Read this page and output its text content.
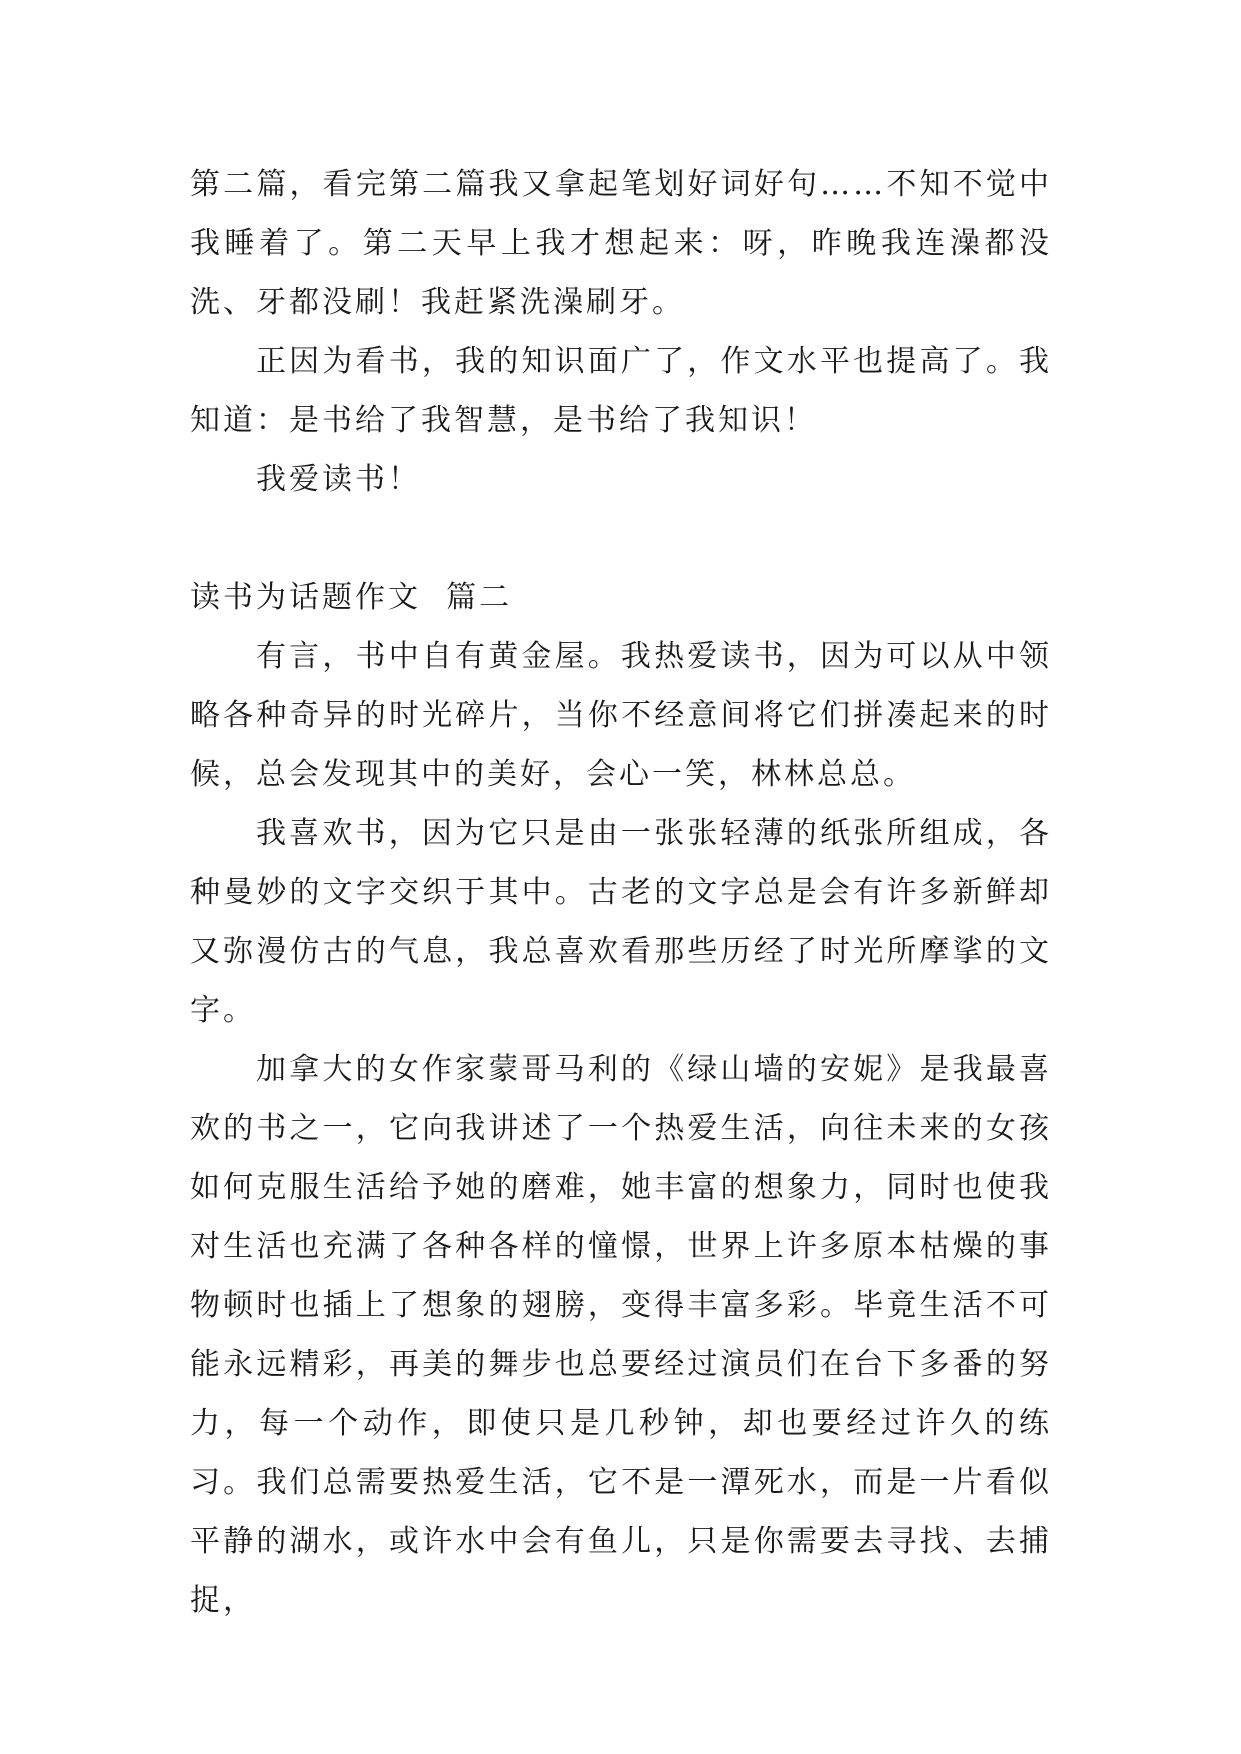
第二篇，看完第二篇我又拿起笔划好词好句……不知不觉中我睡着了。第二天早上我才想起来：呀，昨晚我连澡都没洗、牙都没刷！我赶紧洗澡刷牙。

正因为看书，我的知识面广了，作文水平也提高了。我知道：是书给了我智慧，是书给了我知识！

我爱读书！

读书为话题作文  篇二

有言，书中自有黄金屋。我热爱读书，因为可以从中领略各种奇异的时光碎片，当你不经意间将它们拼凑起来的时候，总会发现其中的美好，会心一笑，林林总总。

我喜欢书，因为它只是由一张张轻薄的纸张所组成，各种曼妙的文字交织于其中。古老的文字总是会有许多新鲜却又弥漫仿古的气息，我总喜欢看那些历经了时光所摩挲的文字。

加拿大的女作家蒙哥马利的《绿山墙的安妮》是我最喜欢的书之一，它向我讲述了一个热爱生活，向往未来的女孩如何克服生活给予她的磨难，她丰富的想象力，同时也使我对生活也充满了各种各样的憧憬，世界上许多原本枯燥的事物顿时也插上了想象的翅膀，变得丰富多彩。毕竟生活不可能永远精彩，再美的舞步也总要经过演员们在台下多番的努力，每一个动作，即使只是几秒钟，却也要经过许久的练习。我们总需要热爱生活，它不是一潭死水，而是一片看似平静的湖水，或许水中会有鱼儿，只是你需要去寻找、去捕捉，
